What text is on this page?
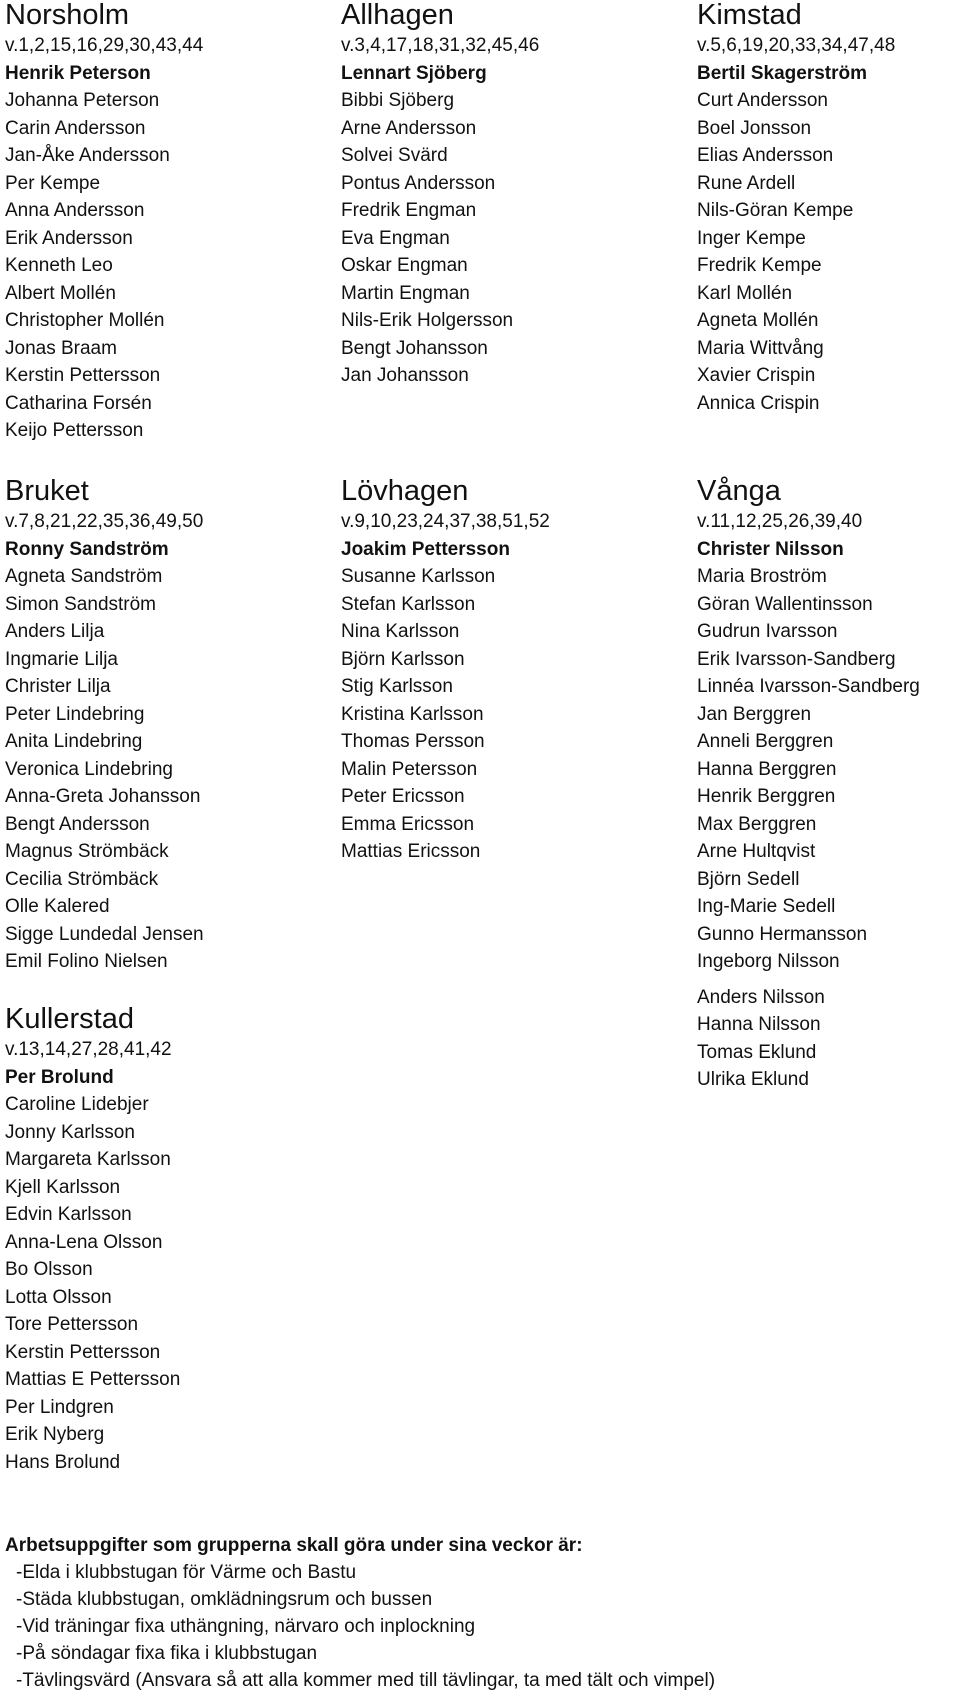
Norsholm
v.1,2,15,16,29,30,43,44
Henrik Peterson
Johanna Peterson
Carin Andersson
Jan-Åke Andersson
Per Kempe
Anna Andersson
Erik Andersson
Kenneth Leo
Albert Mollén
Christopher Mollén
Jonas Braam
Kerstin Pettersson
Catharina Forsén
Keijo Pettersson
Allhagen
v.3,4,17,18,31,32,45,46
Lennart Sjöberg
Bibbi Sjöberg
Arne Andersson
Solvei Svärd
Pontus Andersson
Fredrik Engman
Eva Engman
Oskar Engman
Martin Engman
Nils-Erik Holgersson
Bengt Johansson
Jan Johansson
Kimstad
v.5,6,19,20,33,34,47,48
Bertil Skagerström
Curt Andersson
Boel Jonsson
Elias Andersson
Rune Ardell
Nils-Göran Kempe
Inger Kempe
Fredrik Kempe
Karl Mollén
Agneta Mollén
Maria Wittvång
Xavier Crispin
Annica Crispin
Bruket
v.7,8,21,22,35,36,49,50
Ronny Sandström
Agneta Sandström
Simon Sandström
Anders Lilja
Ingmarie Lilja
Christer Lilja
Peter Lindebring
Anita Lindebring
Veronica Lindebring
Anna-Greta Johansson
Bengt Andersson
Magnus Strömbäck
Cecilia Strömbäck
Olle Kalered
Sigge Lundedal Jensen
Emil Folino Nielsen
Lövhagen
v.9,10,23,24,37,38,51,52
Joakim Pettersson
Susanne Karlsson
Stefan Karlsson
Nina Karlsson
Björn Karlsson
Stig Karlsson
Kristina Karlsson
Thomas Persson
Malin Petersson
Peter Ericsson
Emma Ericsson
Mattias Ericsson
Vånga
v.11,12,25,26,39,40
Christer Nilsson
Maria Broström
Göran Wallentinsson
Gudrun Ivarsson
Erik Ivarsson-Sandberg
Linnéa Ivarsson-Sandberg
Jan Berggren
Anneli Berggren
Hanna Berggren
Henrik Berggren
Max Berggren
Arne Hultqvist
Björn Sedell
Ing-Marie Sedell
Gunno Hermansson
Ingeborg Nilsson
Anders Nilsson
Hanna Nilsson
Tomas Eklund
Ulrika Eklund
Kullerstad
v.13,14,27,28,41,42
Per Brolund
Caroline Lidebjer
Jonny Karlsson
Margareta Karlsson
Kjell Karlsson
Edvin Karlsson
Anna-Lena Olsson
Bo Olsson
Lotta Olsson
Tore Pettersson
Kerstin Pettersson
Mattias E Pettersson
Per Lindgren
Erik Nyberg
Hans Brolund
Arbetsuppgifter som grupperna skall göra under sina veckor är:
-Elda i klubbstugan för Värme och Bastu
-Städa klubbstugan, omklädningsrum och bussen
-Vid träningar fixa uthängning, närvaro och inplockning
-På söndagar fixa fika i klubbstugan
-Tävlingsvärd (Ansvara så att alla kommer med till tävlingar, ta med tält och vimpel)
